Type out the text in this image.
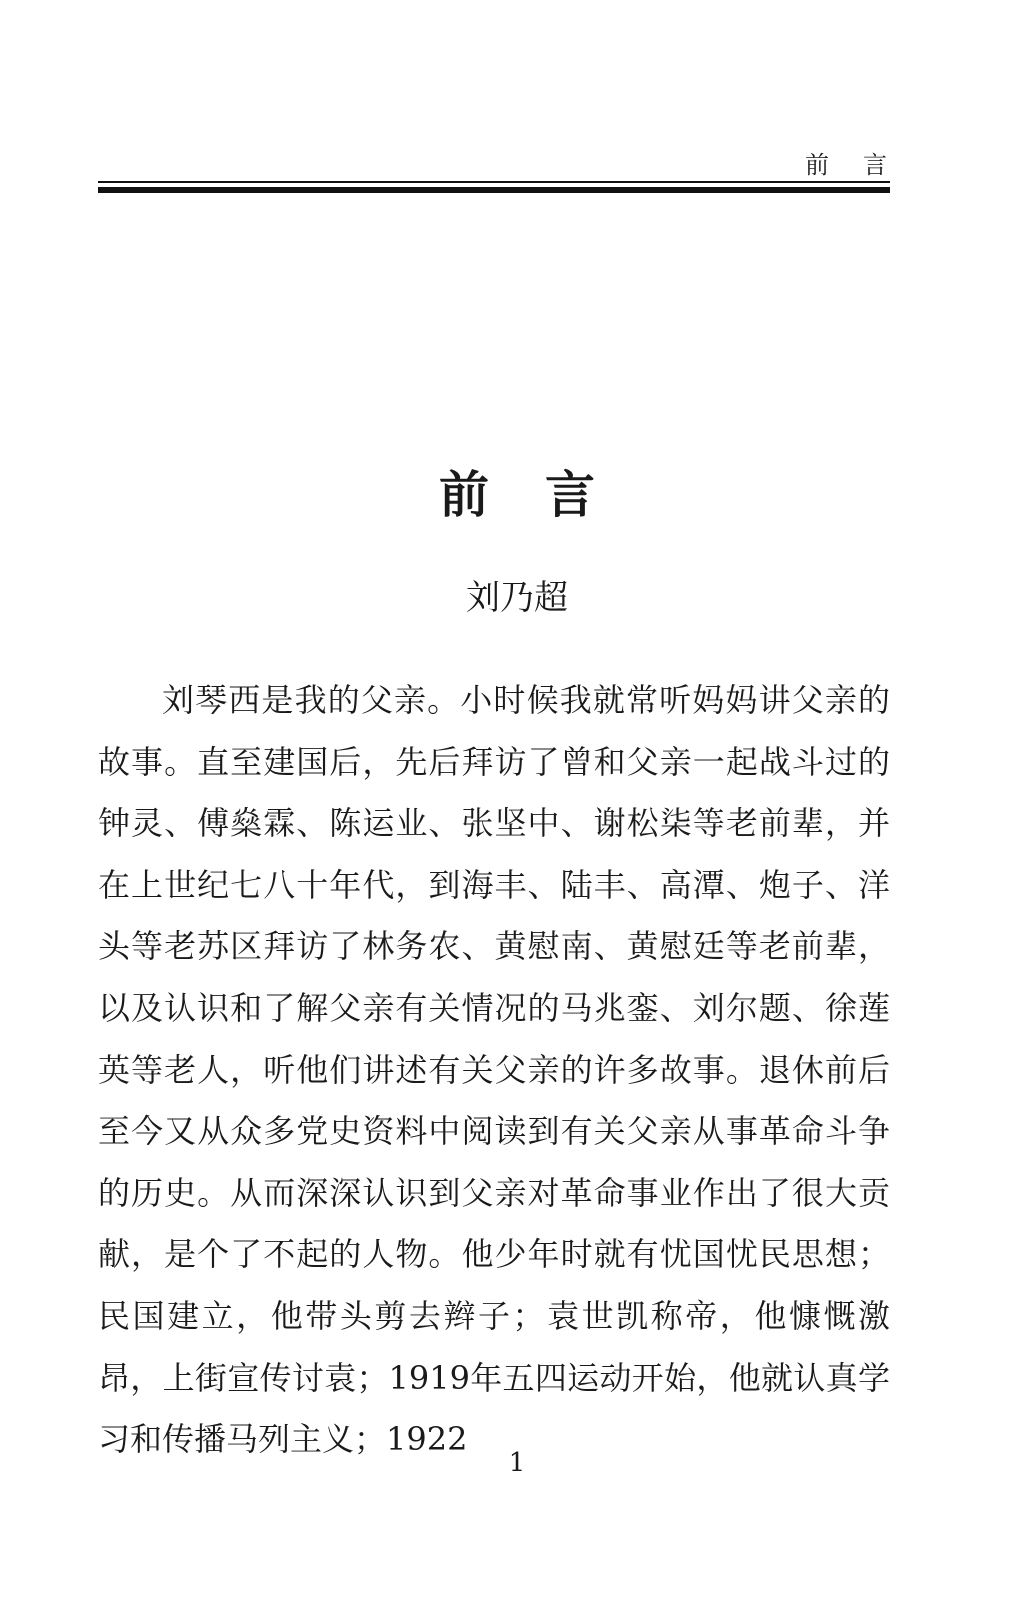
前言
前言
刘乃超

刘琴西是我的父亲。小时候我就常听妈妈讲父亲的故事。直至建国后，先后拜访了曾和父亲一起战斗过的钟灵、傅燊霖、陈运业、张坚中、谢松柒等老前辈，并在上世纪七八十年代，到海丰、陆丰、高潭、炮子、洋头等老苏区拜访了林务农、黄慰南、黄慰廷等老前辈，以及认识和了解父亲有关情况的马兆銮、刘尔题、徐莲英等老人，听他们讲述有关父亲的许多故事。退休前后至今又从众多党史资料中阅读到有关父亲从事革命斗争的历史。从而深深认识到父亲对革命事业作出了很大贡献，是个了不起的人物。他少年时就有忧国忧民思想；民国建立，他带头剪去辫子；袁世凯称帝，他慷慨激昂，上街宣传讨袁；1919年五四运动开始，他就认真学习和传播马列主义；1922

1
